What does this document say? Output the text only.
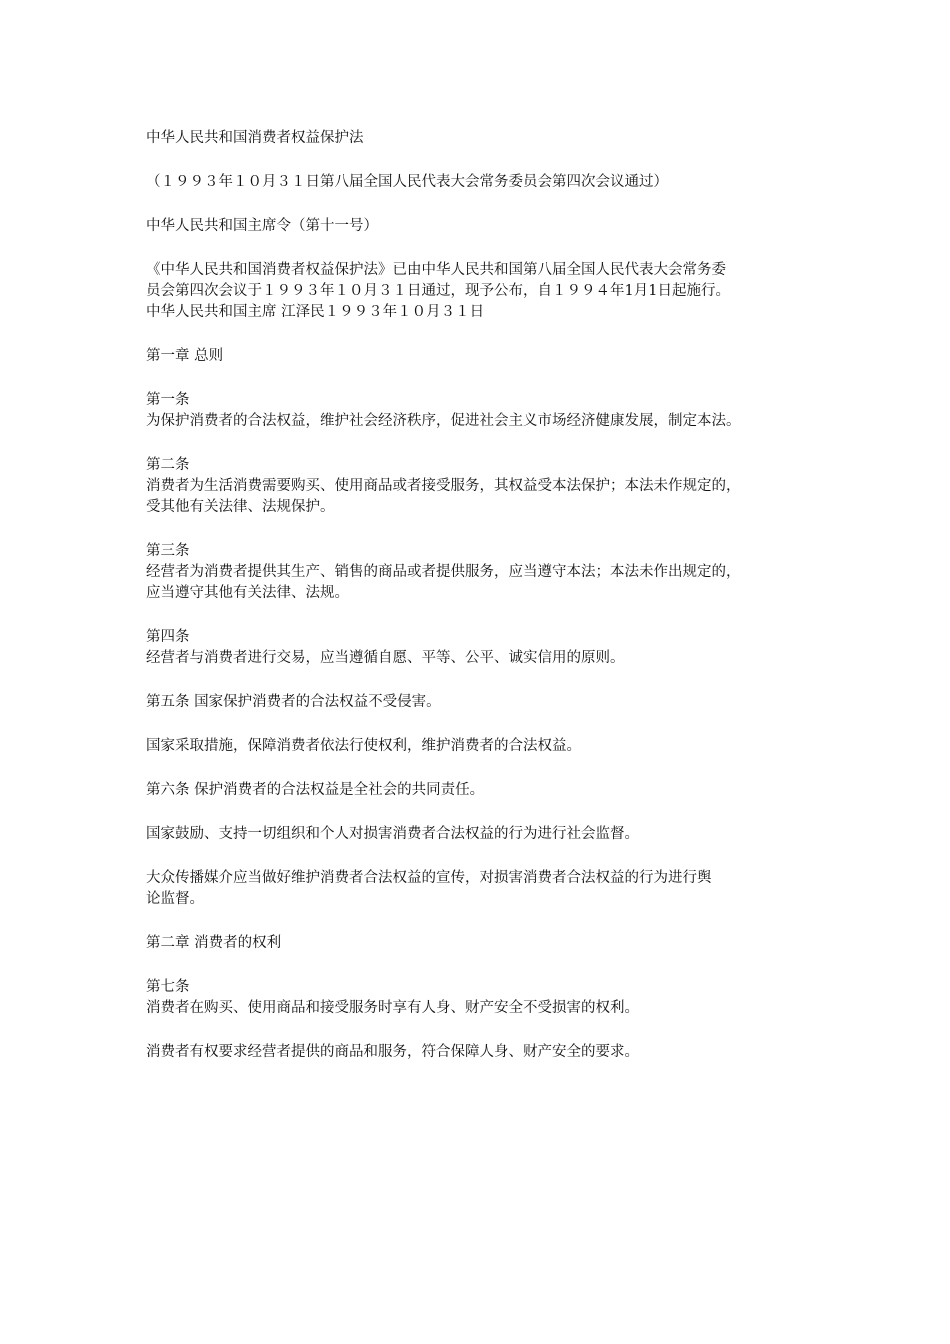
中华人民共和国消费者权益保护法

（１９９３年１０月３１日第八届全国人民代表大会常务委员会第四次会议通过）

中华人民共和国主席令（第十一号）

《中华人民共和国消费者权益保护法》已由中华人民共和国第八届全国人民代表大会常务委
员会第四次会议于１９９３年１０月３１日通过，现予公布，自１９９４年1月1日起施行。
中华人民共和国主席 江泽民１９９３年１０月３１日

第一章 总则

第一条
为保护消费者的合法权益，维护社会经济秩序，促进社会主义市场经济健康发展，制定本法。

第二条
消费者为生活消费需要购买、使用商品或者接受服务，其权益受本法保护；本法未作规定的，
受其他有关法律、法规保护。

第三条
经营者为消费者提供其生产、销售的商品或者提供服务，应当遵守本法；本法未作出规定的，
应当遵守其他有关法律、法规。

第四条
经营者与消费者进行交易，应当遵循自愿、平等、公平、诚实信用的原则。

第五条 国家保护消费者的合法权益不受侵害。

国家采取措施，保障消费者依法行使权利，维护消费者的合法权益。

第六条 保护消费者的合法权益是全社会的共同责任。

国家鼓励、支持一切组织和个人对损害消费者合法权益的行为进行社会监督。

大众传播媒介应当做好维护消费者合法权益的宣传，对损害消费者合法权益的行为进行舆
论监督。

第二章 消费者的权利

第七条
消费者在购买、使用商品和接受服务时享有人身、财产安全不受损害的权利。

消费者有权要求经营者提供的商品和服务，符合保障人身、财产安全的要求。
